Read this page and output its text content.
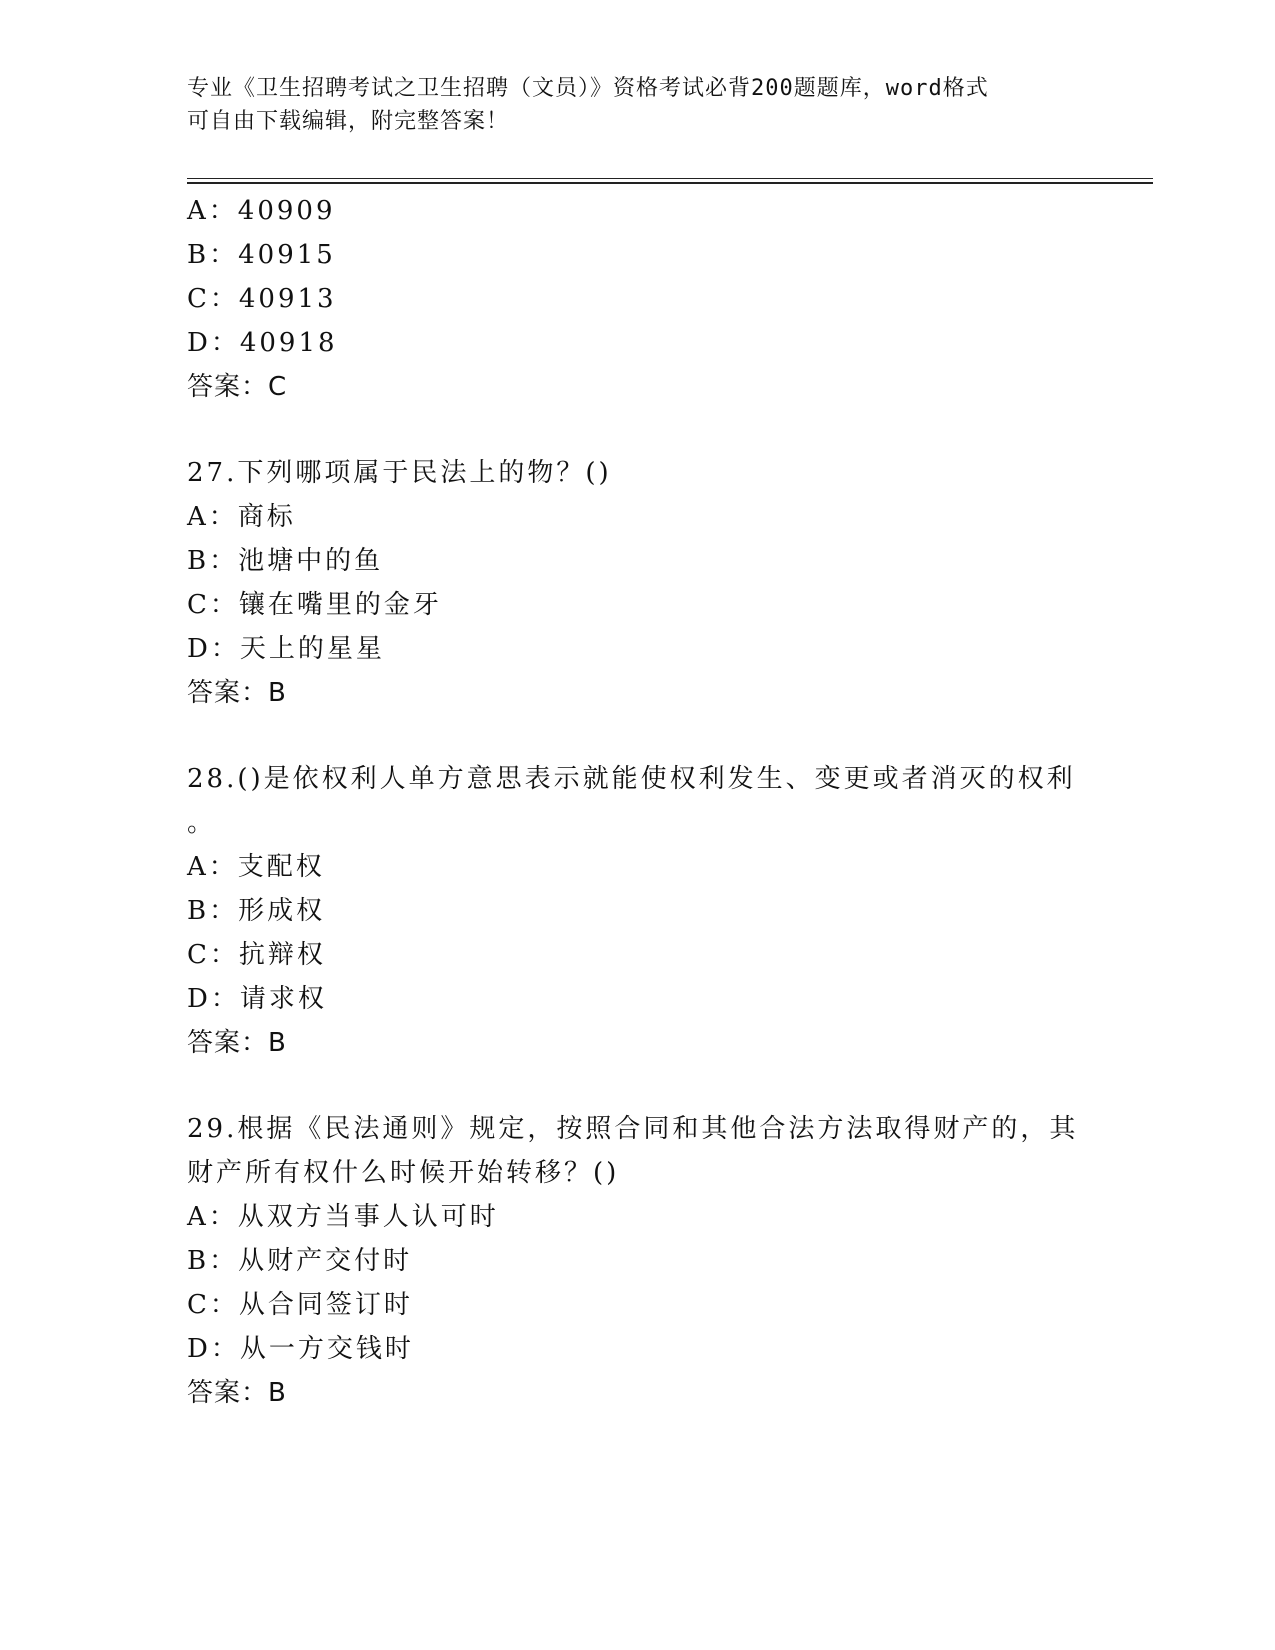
专业《卫生招聘考试之卫生招聘（文员）》资格考试必背200题题库，word格式
可自由下载编辑，附完整答案！
A：40909
B：40915
C：40913
D：40918
答案：C
27.下列哪项属于民法上的物？()
A：商标
B：池塘中的鱼
C：镶在嘴里的金牙
D：天上的星星
答案：B
28.()是依权利人单方意思表示就能使权利发生、变更或者消灭的权利
。
A：支配权
B：形成权
C：抗辩权
D：请求权
答案：B
29.根据《民法通则》规定，按照合同和其他合法方法取得财产的，其
财产所有权什么时候开始转移？()
A：从双方当事人认可时
B：从财产交付时
C：从合同签订时
D：从一方交钱时
答案：B
